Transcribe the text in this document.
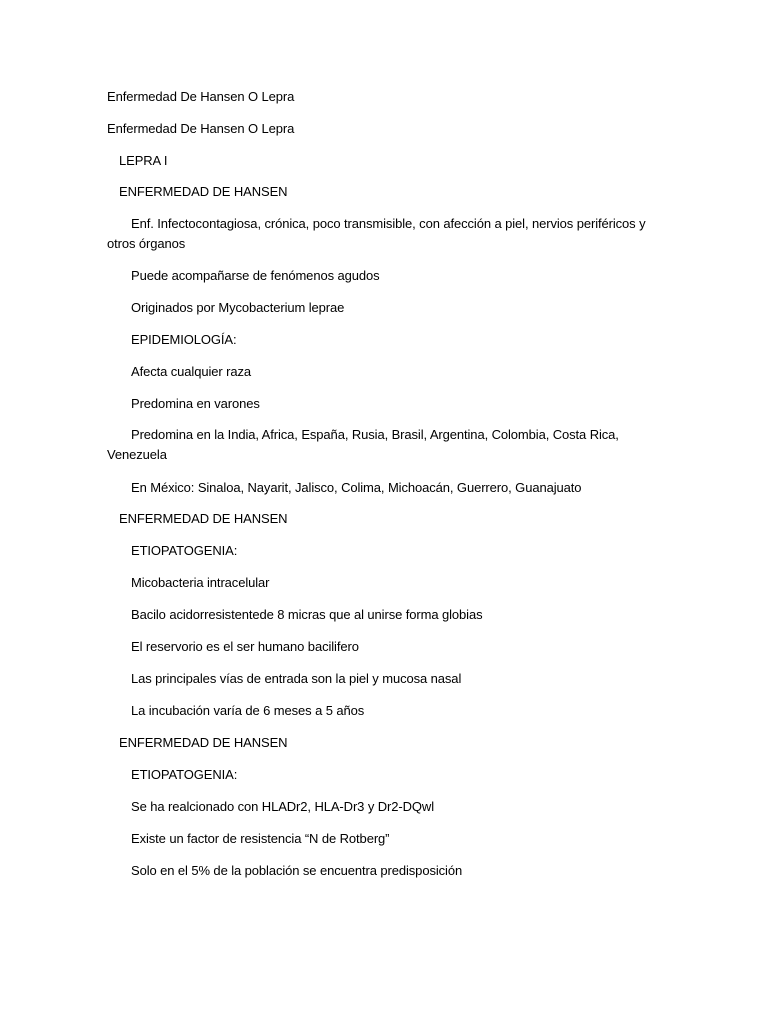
Enfermedad De Hansen O Lepra
Enfermedad De Hansen O Lepra
LEPRA I
ENFERMEDAD DE HANSEN
Enf. Infectocontagiosa, crónica, poco transmisible, con afección a piel, nervios periféricos y otros órganos
Puede acompañarse de fenómenos agudos
Originados por Mycobacterium leprae
EPIDEMIOLOGÍA:
Afecta cualquier raza
Predomina en varones
Predomina en la India, Africa, España, Rusia, Brasil, Argentina, Colombia, Costa Rica, Venezuela
En México: Sinaloa, Nayarit, Jalisco, Colima, Michoacán, Guerrero, Guanajuato
ENFERMEDAD DE HANSEN
ETIOPATOGENIA:
Micobacteria intracelular
Bacilo acidorresistentede 8 micras que al unirse forma globias
El reservorio es el ser humano bacilifero
Las principales vías de entrada son la piel y mucosa nasal
La incubación varía de 6 meses a 5 años
ENFERMEDAD DE HANSEN
ETIOPATOGENIA:
Se ha realcionado con HLADr2, HLA-Dr3 y Dr2-DQwl
Existe un factor de resistencia “N de Rotberg”
Solo en el 5% de la población se encuentra predisposición
